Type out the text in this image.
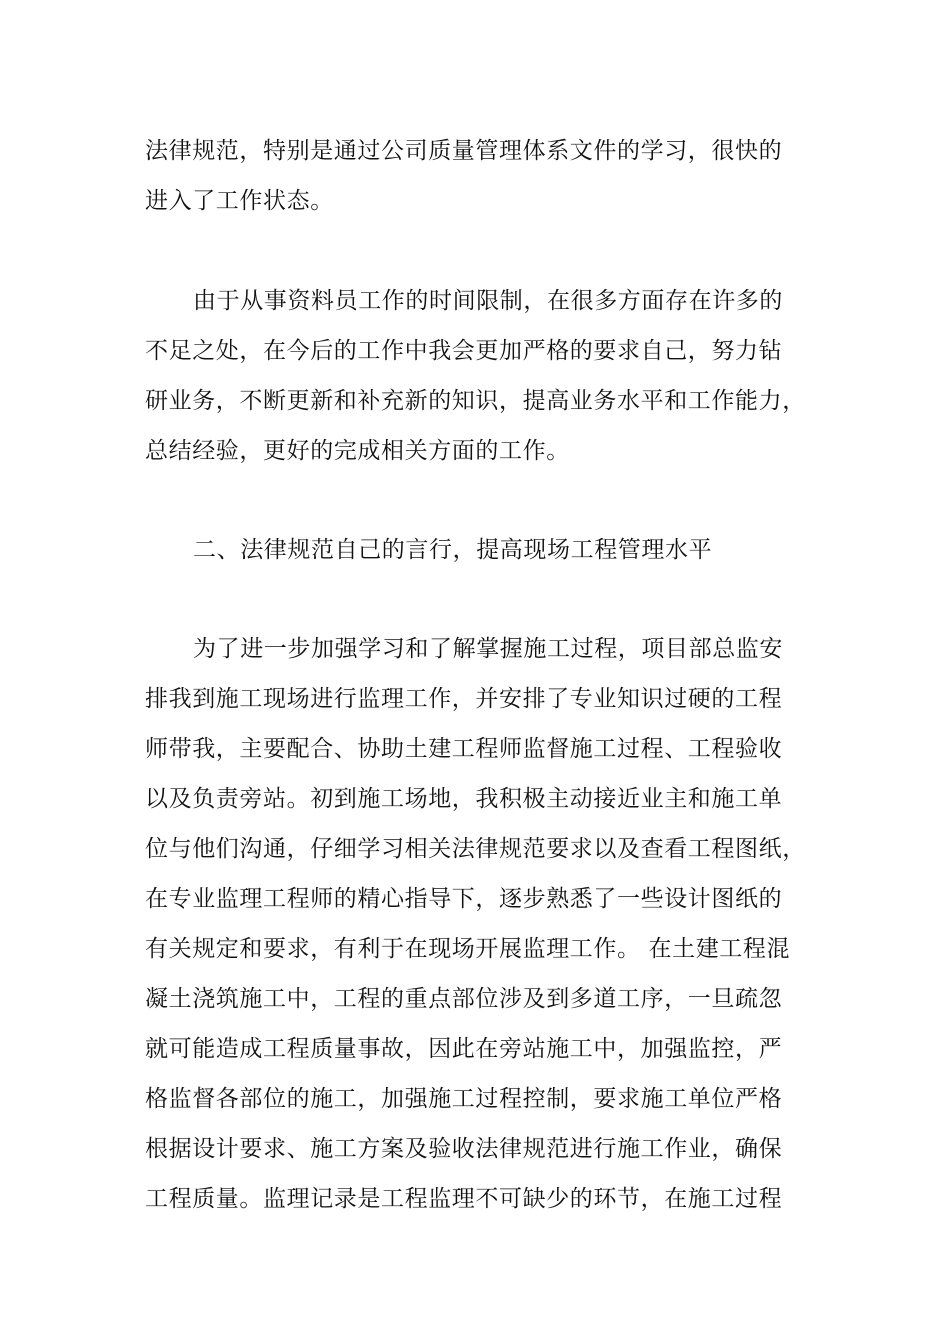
法律规范，特别是通过公司质量管理体系文件的学习，很快的
进入了工作状态。
由于从事资料员工作的时间限制，在很多方面存在许多的
不足之处，在今后的工作中我会更加严格的要求自己，努力钻
研业务，不断更新和补充新的知识，提高业务水平和工作能力，
总结经验，更好的完成相关方面的工作。
二、法律规范自己的言行，提高现场工程管理水平
为了进一步加强学习和了解掌握施工过程，项目部总监安
排我到施工现场进行监理工作，并安排了专业知识过硬的工程
师带我，主要配合、协助土建工程师监督施工过程、工程验收
以及负责旁站。初到施工场地，我积极主动接近业主和施工单
位与他们沟通，仔细学习相关法律规范要求以及查看工程图纸，
在专业监理工程师的精心指导下，逐步熟悉了一些设计图纸的
有关规定和要求，有利于在现场开展监理工作。 在土建工程混
凝土浇筑施工中，工程的重点部位涉及到多道工序，一旦疏忽
就可能造成工程质量事故，因此在旁站施工中，加强监控，严
格监督各部位的施工，加强施工过程控制，要求施工单位严格
根据设计要求、施工方案及验收法律规范进行施工作业，确保
工程质量。监理记录是工程监理不可缺少的环节，在施工过程
